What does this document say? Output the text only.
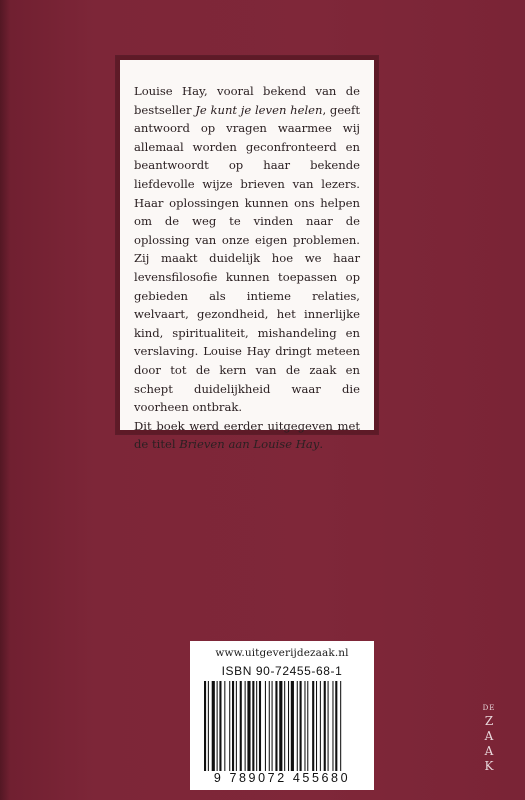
Louise Hay, vooral bekend van de bestseller Je kunt je leven helen, geeft antwoord op vragen waarmee wij allemaal worden geconfronteerd en beantwoordt op haar bekende liefdevolle wijze brieven van lezers. Haar oplossingen kunnen ons helpen om de weg te vinden naar de oplossing van onze eigen problemen. Zij maakt duidelijk hoe we haar levensfilosofie kunnen toepassen op gebieden als intieme relaties, welvaart, gezondheid, het innerlijke kind, spiritualiteit, mishandeling en verslaving. Louise Hay dringt meteen door tot de kern van de zaak en schept duidelijkheid waar die voorheen ontbrak.

Dit boek werd eerder uitgegeven met de titel Brieven aan Louise Hay.

www.uitgeverijdezaak.nl
ISBN 90-72455-68-1
9 789072 455680
DE
Z
A
A
K
